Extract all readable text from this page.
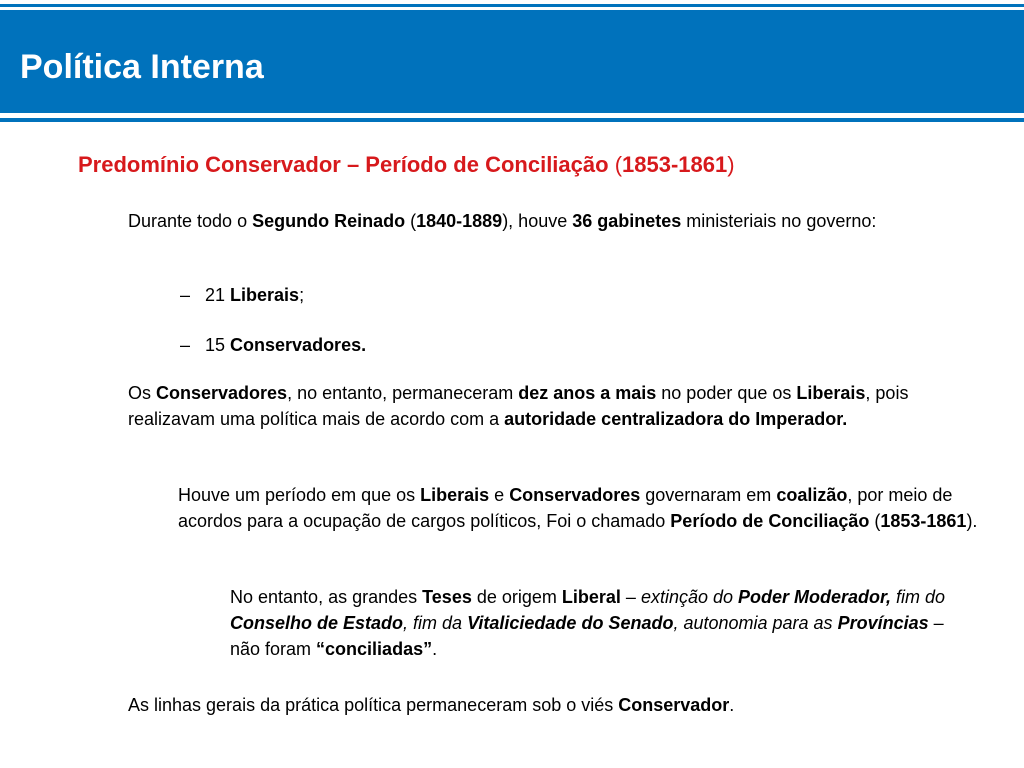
Política Interna
Predomínio Conservador – Período de Conciliação (1853-1861)
Durante todo o Segundo Reinado (1840-1889), houve 36 gabinetes ministeriais no governo:
– 21 Liberais;
– 15 Conservadores.
Os Conservadores, no entanto, permaneceram dez anos a mais no poder que os Liberais, pois realizavam uma política mais de acordo com a autoridade centralizadora do Imperador.
Houve um período em que os Liberais e Conservadores governaram em coalizão, por meio de acordos para a ocupação de cargos políticos, Foi o chamado Período de Conciliação (1853-1861).
No entanto, as grandes Teses de origem Liberal – extinção do Poder Moderador, fim do Conselho de Estado, fim da Vitaliciedade do Senado, autonomia para as Províncias – não foram “conciliadas”.
As linhas gerais da prática política permaneceram sob o viés Conservador.
